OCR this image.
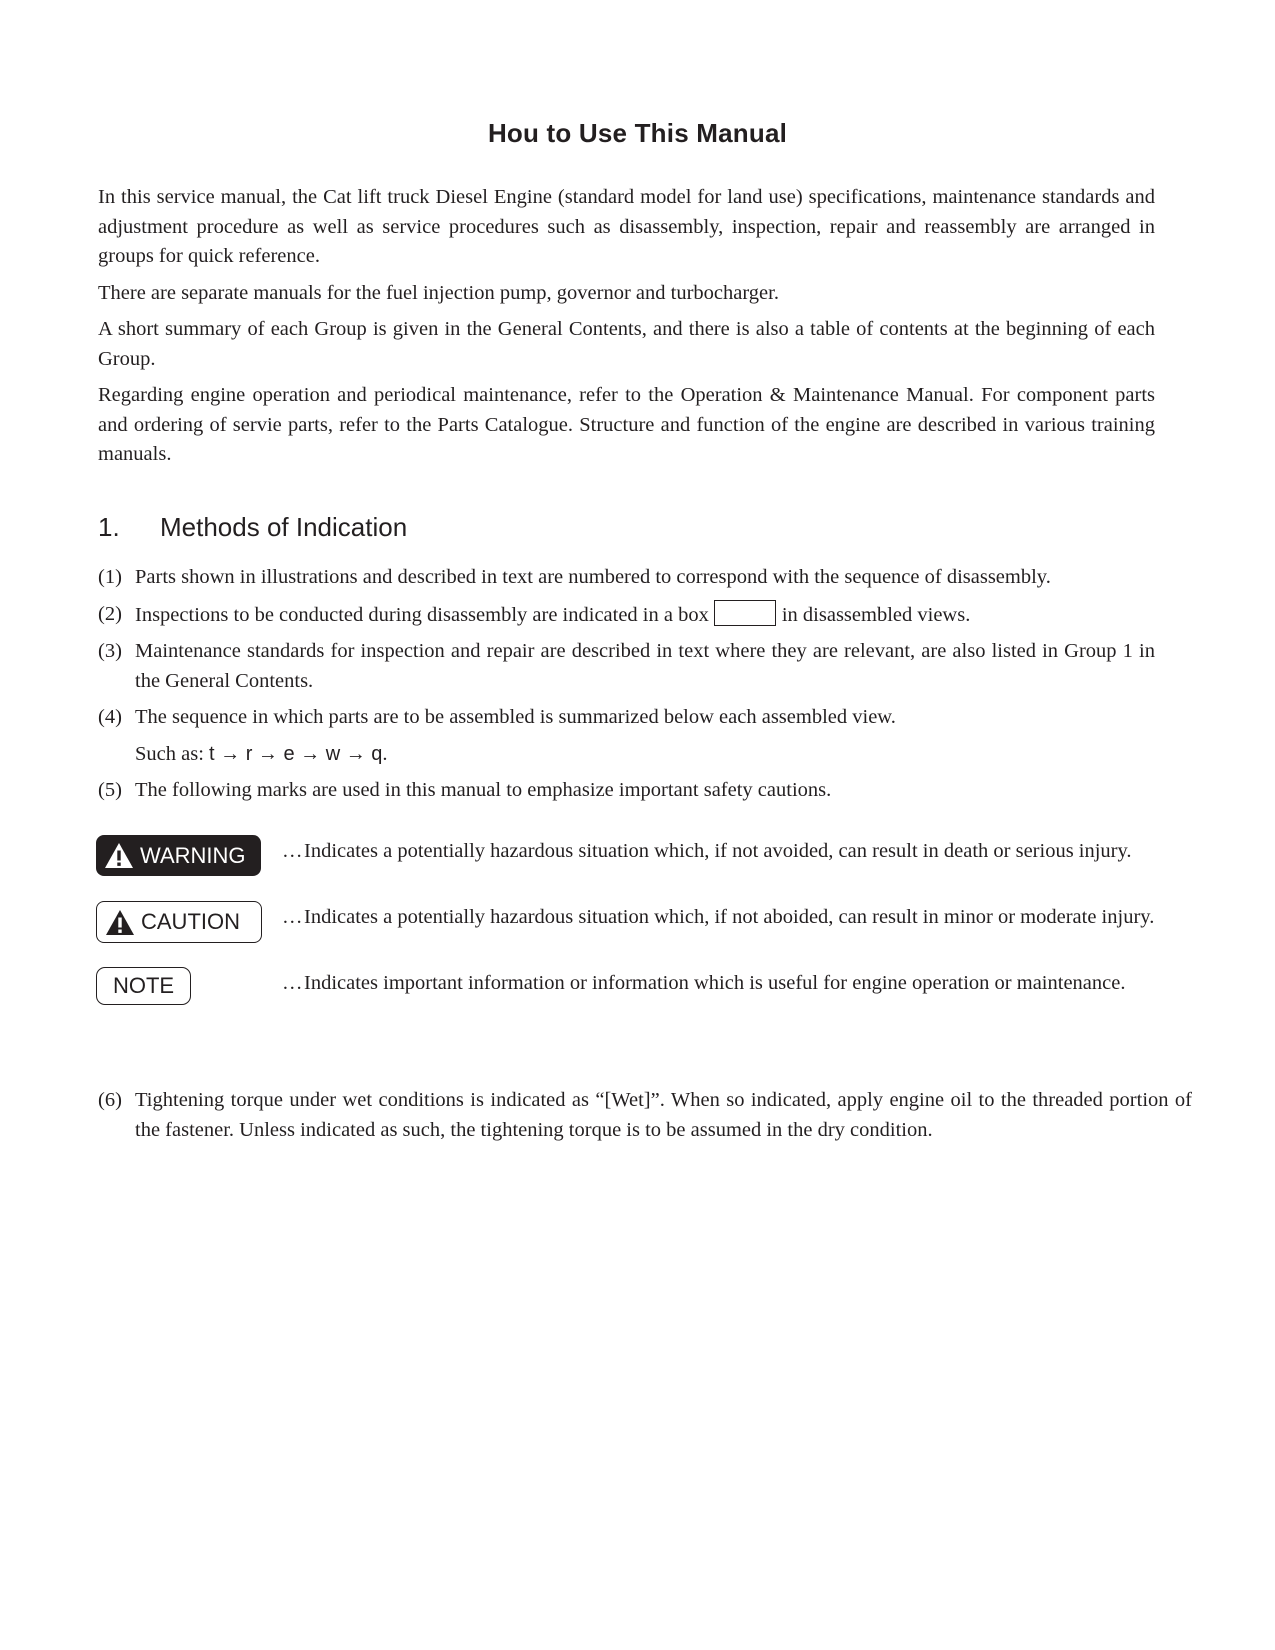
Hou to Use This Manual

In this service manual, the Cat lift truck Diesel Engine (standard model for land use) specifications, maintenance standards and adjustment procedure as well as service procedures such as disassembly, inspection, repair and reassembly are arranged in groups for quick reference.

There are separate manuals for the fuel injection pump, governor and turbocharger.

A short summary of each Group is given in the General Contents, and there is also a table of contents at the beginning of each Group.

Regarding engine operation and periodical maintenance, refer to the Operation & Maintenance Manual. For component parts and ordering of servie parts, refer to the Parts Catalogue. Structure and function of the engine are described in various training manuals.

1. Methods of Indication
(1) Parts shown in illustrations and described in text are numbered to correspond with the sequence of disassembly.
(2) Inspections to be conducted during disassembly are indicated in a box	in disassembled views.
(3) Maintenance standards for inspection and repair are described in text where they are relevant, are also listed in Group 1 in the General Contents.
(4) The sequence in which parts are to be assembled is summarized below each assembled view.
Such as: t → r → e → w → q.
(5) The following marks are used in this manual to emphasize important safety cautions.
WARNING … Indicates a potentially hazardous situation which, if not avoided, can result in death or serious injury.
CAUTION … Indicates a potentially hazardous situation which, if not aboided, can result in minor or moderate injury.
NOTE	… Indicates important information or information which is useful for engine operation or maintenance.
(6) Tightening torque under wet conditions is indicated as “[Wet]”. When so indicated, apply engine oil to the threaded portion of the fastener. Unless indicated as such, the tightening torque is to be assumed in the dry condition.
